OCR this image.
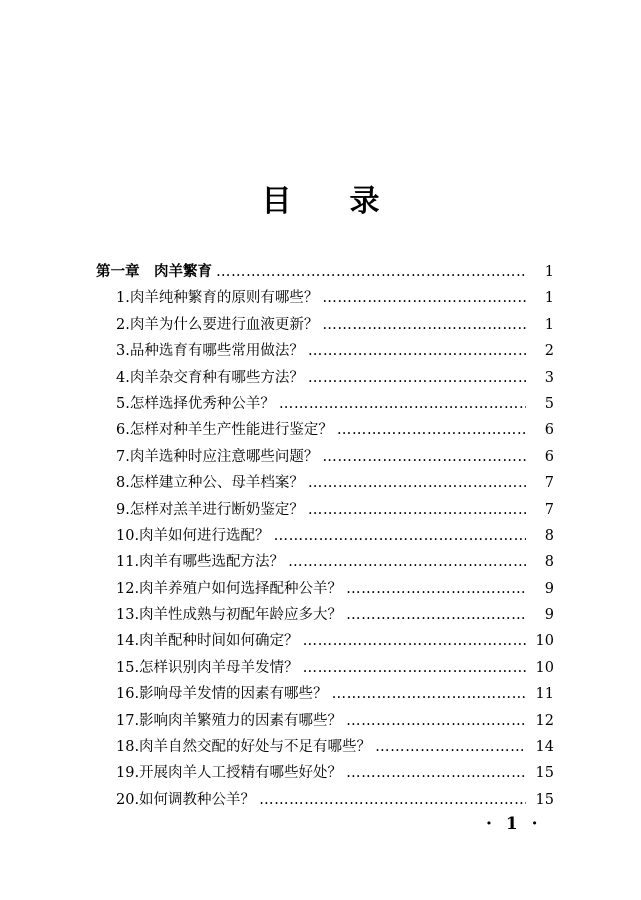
目 录
第一章　肉羊繁育 ……………………………………………………………………………………………………………………………………	1
1.肉羊纯种繁育的原则有哪些？ ……………………………………………………………………………………………………………………………………	1
2.肉羊为什么要进行血液更新？ ……………………………………………………………………………………………………………………………………	1
3.品种选育有哪些常用做法？ ……………………………………………………………………………………………………………………………………	2
4.肉羊杂交育种有哪些方法？ ……………………………………………………………………………………………………………………………………	3
5.怎样选择优秀种公羊？ ……………………………………………………………………………………………………………………………………	5
6.怎样对种羊生产性能进行鉴定？ ……………………………………………………………………………………………………………………………………	6
7.肉羊选种时应注意哪些问题？ ……………………………………………………………………………………………………………………………………	6
8.怎样建立种公、母羊档案？ ……………………………………………………………………………………………………………………………………	7
9.怎样对羔羊进行断奶鉴定？ ……………………………………………………………………………………………………………………………………	7
10.肉羊如何进行选配？ ……………………………………………………………………………………………………………………………………	8
11.肉羊有哪些选配方法？ ……………………………………………………………………………………………………………………………………	8
12.肉羊养殖户如何选择配种公羊？ ……………………………………………………………………………………………………………………………………	9
13.肉羊性成熟与初配年龄应多大？ ……………………………………………………………………………………………………………………………………	9
14.肉羊配种时间如何确定？ ……………………………………………………………………………………………………………………………………	10
15.怎样识别肉羊母羊发情？ ……………………………………………………………………………………………………………………………………	10
16.影响母羊发情的因素有哪些？ ……………………………………………………………………………………………………………………………………	11
17.影响肉羊繁殖力的因素有哪些？ ……………………………………………………………………………………………………………………………………	12
18.肉羊自然交配的好处与不足有哪些？ ……………………………………………………………………………………………………………………………………	14
19.开展肉羊人工授精有哪些好处？ ……………………………………………………………………………………………………………………………………	15
20.如何调教种公羊？ ……………………………………………………………………………………………………………………………………	15
· 1 ·
